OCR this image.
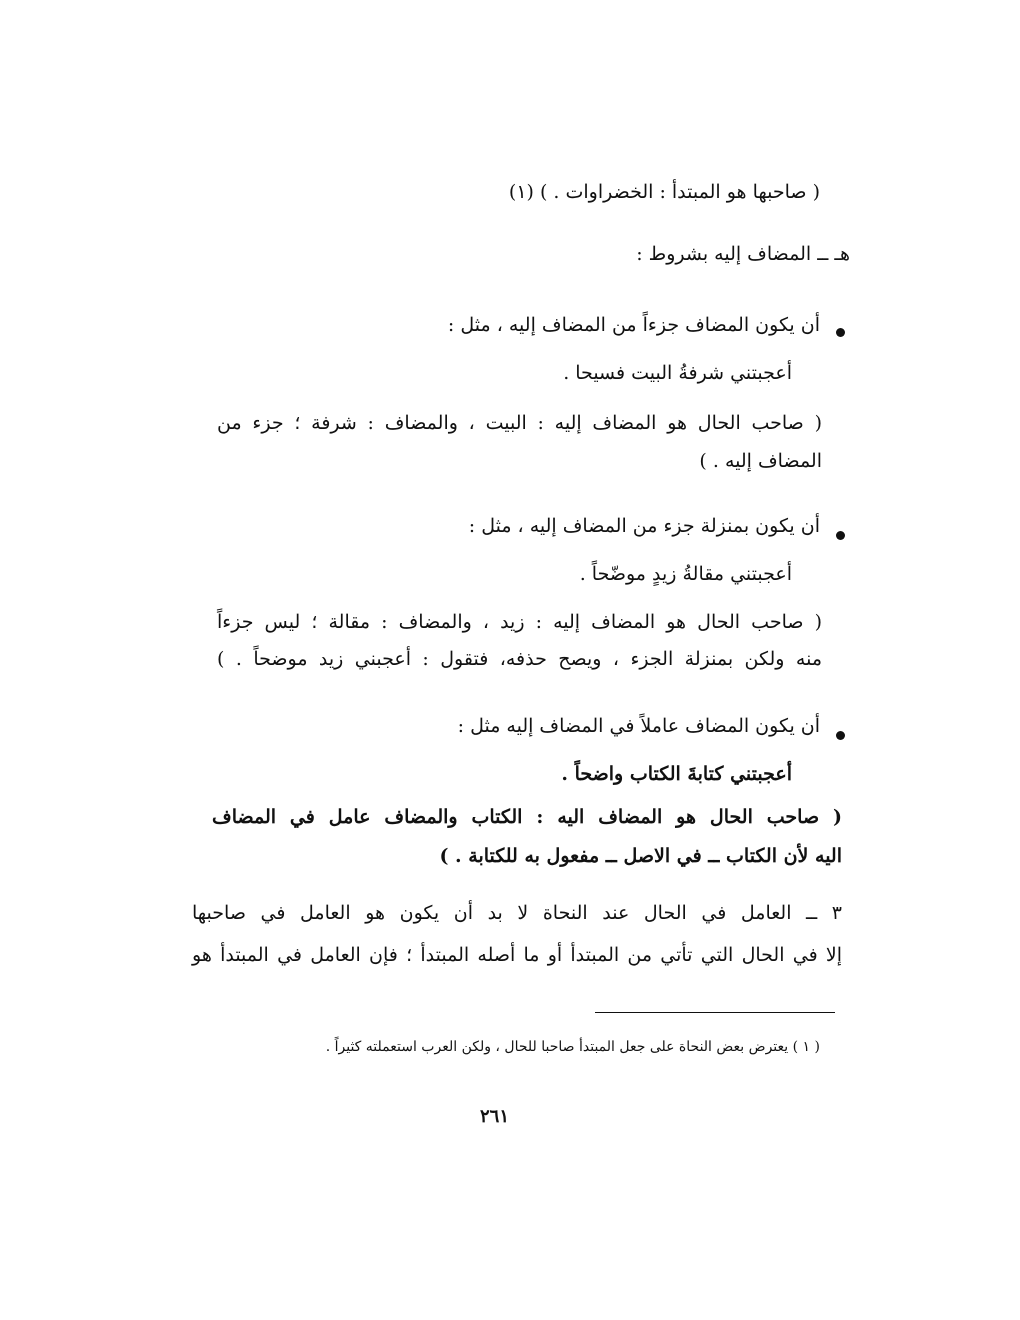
( صاحبها هو المبتدأ : الخضراوات . ) (١)
هـ ــ المضاف إليه بشروط :
أن يكون المضاف جزءاً من المضاف إليه ، مثل :
أعجبتني شرفةُ البيت فسيحا .
( صاحب الحال هو المضاف إليه : البيت ، والمضاف : شرفة ؛ جزء من
المضاف إليه . )
أن يكون بمنزلة جزء من المضاف إليه ، مثل :
أعجبتني مقالةُ زيدٍ موضّحاً .
( صاحب الحال هو المضاف إليه : زيد ، والمضاف : مقالة ؛ ليس جزءاً
منه ولكن بمنزلة الجزء ، ويصح حذفه، فتقول : أعجبني زيد موضحاً . )
أن يكون المضاف عاملاً في المضاف إليه مثل :
أعجبتني كتابةَ الكتاب واضحاً .
( صاحب الحال هو المضاف اليه : الكتاب والمضاف عامل في المضاف
اليه لأن الكتاب ــ في الاصل ــ مفعول به للكتابة . )
٣ ــ العامل في الحال عند النحاة لا بد أن يكون هو العامل في صاحبها
إلا في الحال التي تأتي من المبتدأ أو ما أصله المبتدأ ؛ فإن العامل في المبتدأ هو
( ١ ) يعترض بعض النحاة على جعل المبتدأ صاحبا للحال ، ولكن العرب استعملته كثيراً .
٢٦١
